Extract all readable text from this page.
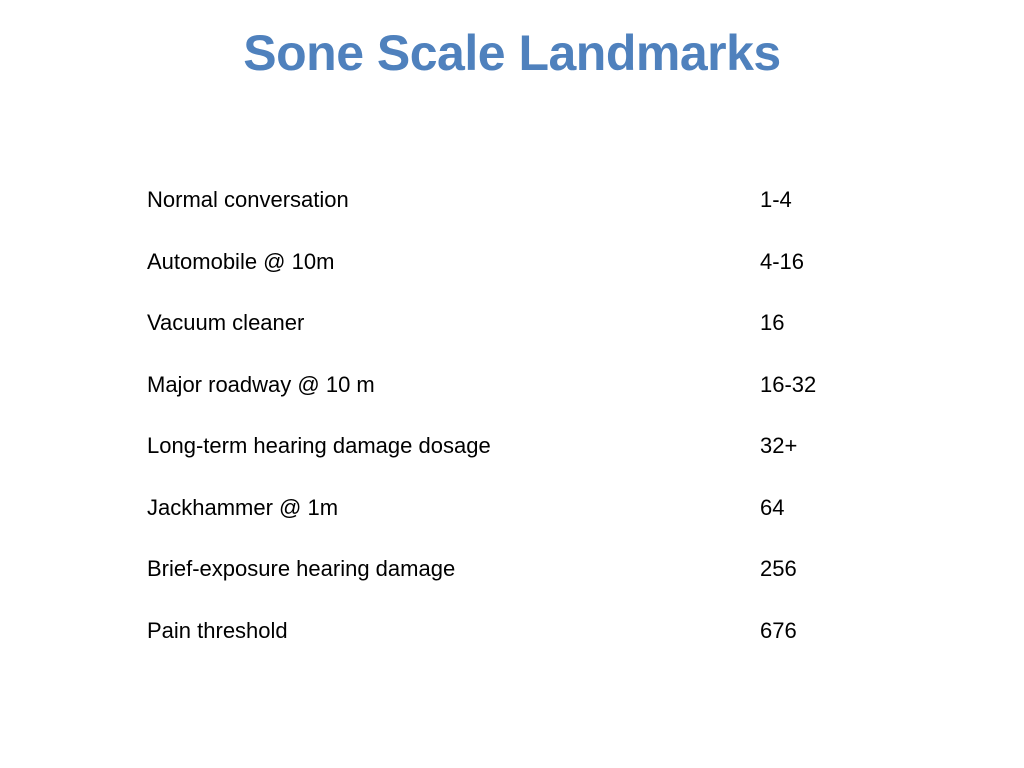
Sone Scale Landmarks
Normal conversation	1-4
Automobile @ 10m	4-16
Vacuum cleaner	16
Major roadway @ 10 m	16-32
Long-term hearing damage dosage	32+
Jackhammer @ 1m	64
Brief-exposure hearing damage	256
Pain threshold	676
